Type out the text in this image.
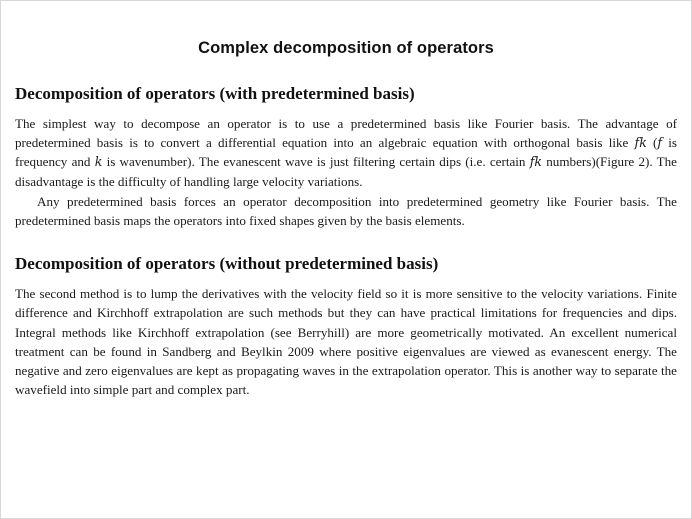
Complex decomposition of operators
Decomposition of operators (with predetermined basis)

The simplest way to decompose an operator is to use a predetermined basis like Fourier basis. The advantage of predetermined basis is to convert a differential equation into an algebraic equation with orthogonal basis like fk (f is frequency and k is wavenumber). The evanescent wave is just filtering certain dips (i.e. certain fk numbers)(Figure 2). The disadvantage is the difficulty of handling large velocity variations.

Any predetermined basis forces an operator decomposition into predetermined geometry like Fourier basis. The predetermined basis maps the operators into fixed shapes given by the basis elements.

Decomposition of operators (without predetermined basis)

The second method is to lump the derivatives with the velocity field so it is more sensitive to the velocity variations. Finite difference and Kirchhoff extrapolation are such methods but they can have practical limitations for frequencies and dips. Integral methods like Kirchhoff extrapolation (see Berryhill) are more geometrically motivated. An excellent numerical treatment can be found in Sandberg and Beylkin 2009 where positive eigenvalues are viewed as evanescent energy. The negative and zero eigenvalues are kept as propagating waves in the extrapolation operator. This is another way to separate the wavefield into simple part and complex part.
